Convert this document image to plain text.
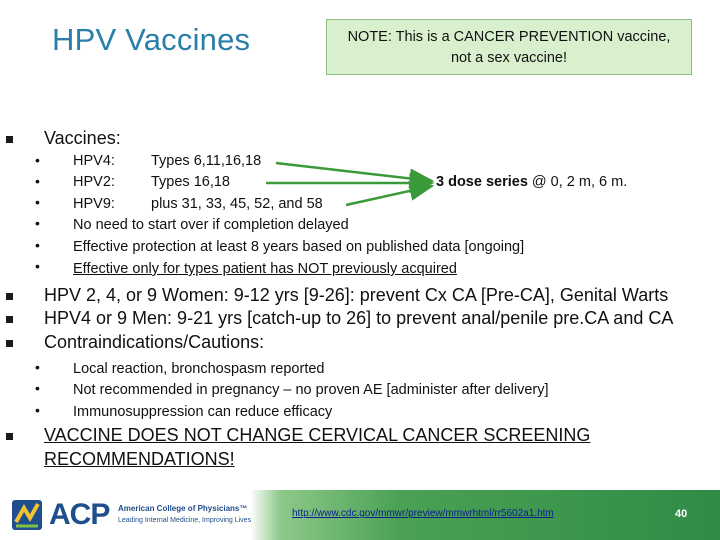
HPV Vaccines	NOTE: This is a CANCER PREVENTION vaccine,
not a sex vaccine!
Vaccines:
• HPV4: Types 6,11,16,18
• HPV2: Types 16,18
• HPV9: plus 31, 33, 45, 52, and 58
• No need to start over if completion delayed
• Effective protection at least 8 years based on published data [ongoing]
• Effective only for types patient has NOT previously acquired
3 dose series @ 0, 2 m, 6 m.
HPV 2, 4, or 9 Women: 9-12 yrs [9-26]: prevent Cx CA [Pre-CA], Genital Warts
HPV4 or 9 Men: 9-21 yrs [catch-up to 26] to prevent anal/penile pre.CA and CA
Contraindications/Cautions:
• Local reaction, bronchospasm reported
• Not recommended in pregnancy – no proven AE [administer after delivery]
• Immunosuppression can reduce efficacy
VACCINE DOES NOT CHANGE CERVICAL CANCER SCREENING
RECOMMENDATIONS!
ACP American College of Physicians™
Leading Internal Medicine, Improving Lives
http://www.cdc.gov/mmwr/preview/mmwrhtml/rr5602a1.htm	40
